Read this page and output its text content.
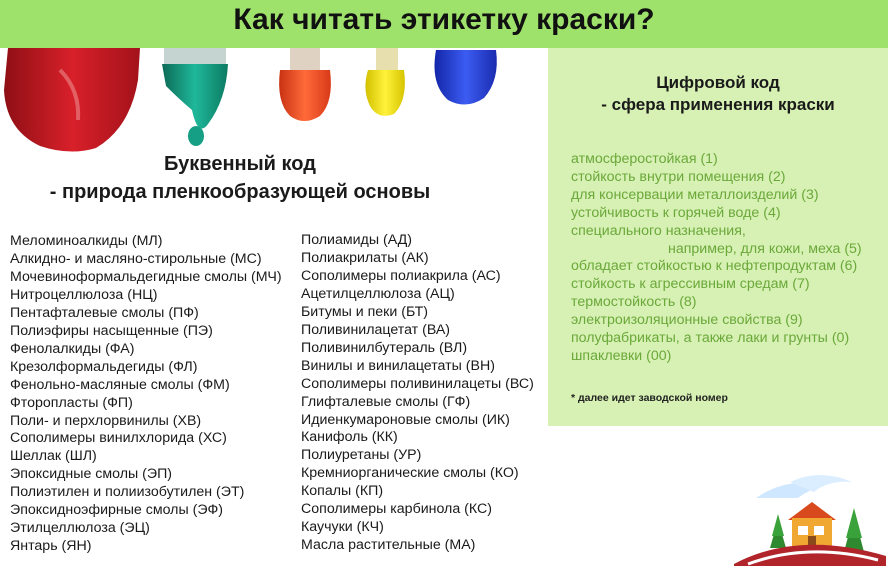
Как читать этикетку краски?
Буквенный код
- природа пленкообразующей основы
Меломиноалкиды (МЛ)
Алкидно- и масляно-стирольные (МС)
Мочевиноформальдегидные смолы (МЧ)
Нитроцеллюлоза (НЦ)
Пентафталевые смолы (ПФ)
Полиэфиры насыщенные (ПЭ)
Фенолалкиды (ФА)
Крезолформальдегиды (ФЛ)
Фенольно-масляные смолы (ФМ)
Фторопласты (ФП)
Поли- и перхлорвинилы (ХВ)
Сополимеры винилхлорида (ХС)
Шеллак (ШЛ)
Эпоксидные смолы (ЭП)
Полиэтилен и полиизобутилен (ЭТ)
Эпоксидноэфирные смолы (ЭФ)
Этилцеллюлоза (ЭЦ)
Янтарь (ЯН)
Полиамиды (АД)
Полиакрилаты (АК)
Сополимеры полиакрила (АС)
Ацетилцеллюлоза (АЦ)
Битумы и пеки (БТ)
Поливинилацетат (ВА)
Поливинилбутераль (ВЛ)
Винилы и винилацетаты (ВН)
Сополимеры поливинилацеты (ВС)
Глифталевые смолы (ГФ)
Идиенкумароновые смолы (ИК)
Канифоль (КК)
Полиуретаны (УР)
Кремниорганические смолы (КО)
Копалы (КП)
Сополимеры карбинола (КС)
Каучуки (КЧ)
Масла растительные (МА)
Цифровой код
- сфера применения краски
атмосферостойкая (1)
стойкость внутри помещения (2)
для консервации металлоизделий (3)
устойчивость к горячей воде (4)
специального назначения,
например, для кожи, меха (5)
обладает стойкостью к нефтепродуктам (6)
стойкость к агрессивным средам (7)
термостойкость (8)
электроизоляционные свойства (9)
полуфабрикаты, а также лаки и грунты (0)
шпаклевки (00)
* далее идет заводской номер
